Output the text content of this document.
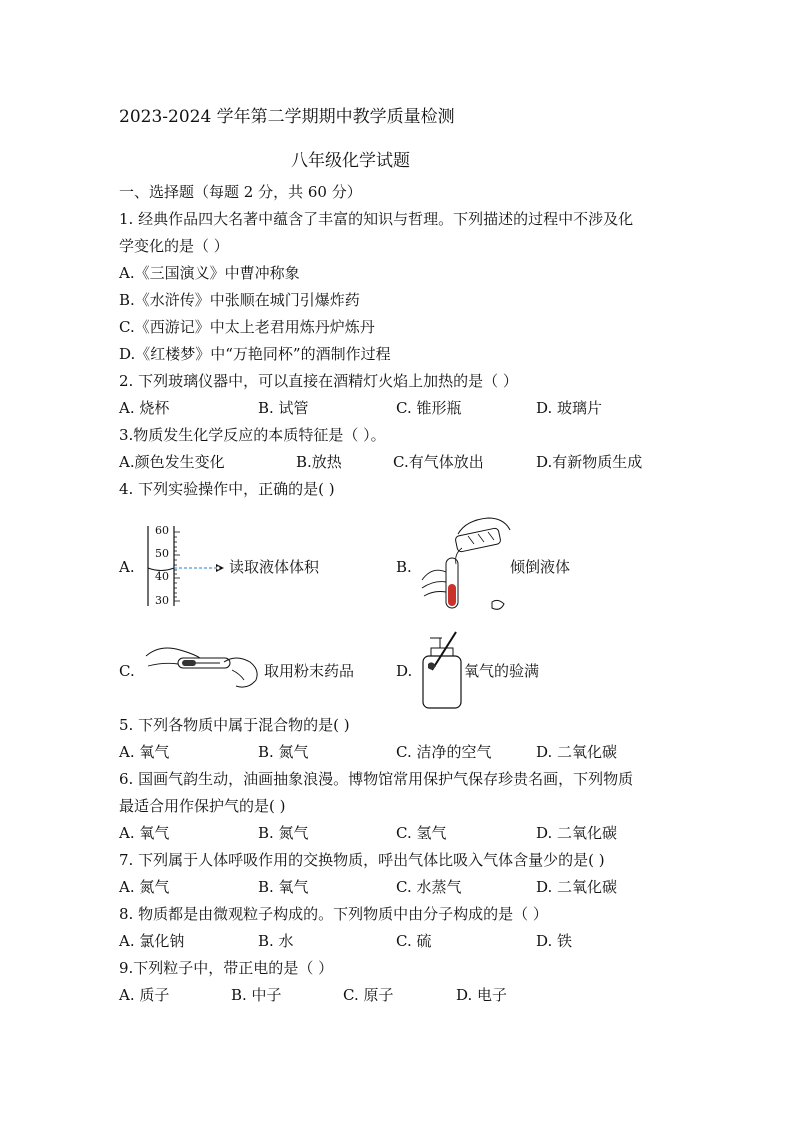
2023-2024 学年第二学期期中教学质量检测
八年级化学试题
一、选择题（每题 2 分，共 60 分）
1. 经典作品四大名著中蕴含了丰富的知识与哲理。下列描述的过程中不涉及化
学变化的是（ ）
A.《三国演义》中曹冲称象
B.《水浒传》中张顺在城门引爆炸药
C.《西游记》中太上老君用炼丹炉炼丹
D.《红楼梦》中“万艳同杯”的酒制作过程
2. 下列玻璃仪器中，可以直接在酒精灯火焰上加热的是（ ）
A. 烧杯	B. 试管	C. 锥形瓶	D. 玻璃片
3.物质发生化学反应的本质特征是（ ）。
A.颜色发生变化	B.放热	C.有气体放出	D.有新物质生成
4. 下列实验操作中，正确的是( )
A.
60
50
40
30
读取液体体积	B.	倾倒液体
C.	取用粉末药品	D.	氧气的验满
5. 下列各物质中属于混合物的是( )
A. 氧气	B. 氮气	C. 洁净的空气	D. 二氧化碳
6. 国画气韵生动，油画抽象浪漫。博物馆常用保护气保存珍贵名画，下列物质
最适合用作保护气的是( )
A. 氧气	B. 氮气	C. 氢气	D. 二氧化碳
7. 下列属于人体呼吸作用的交换物质，呼出气体比吸入气体含量少的是( )
A. 氮气	B. 氧气	C. 水蒸气	D. 二氧化碳
8. 物质都是由微观粒子构成的。下列物质中由分子构成的是（ ）
A. 氯化钠	B. 水	C. 硫	D. 铁
9.下列粒子中，带正电的是（ ）
A. 质子	B. 中子	C. 原子	D. 电子
